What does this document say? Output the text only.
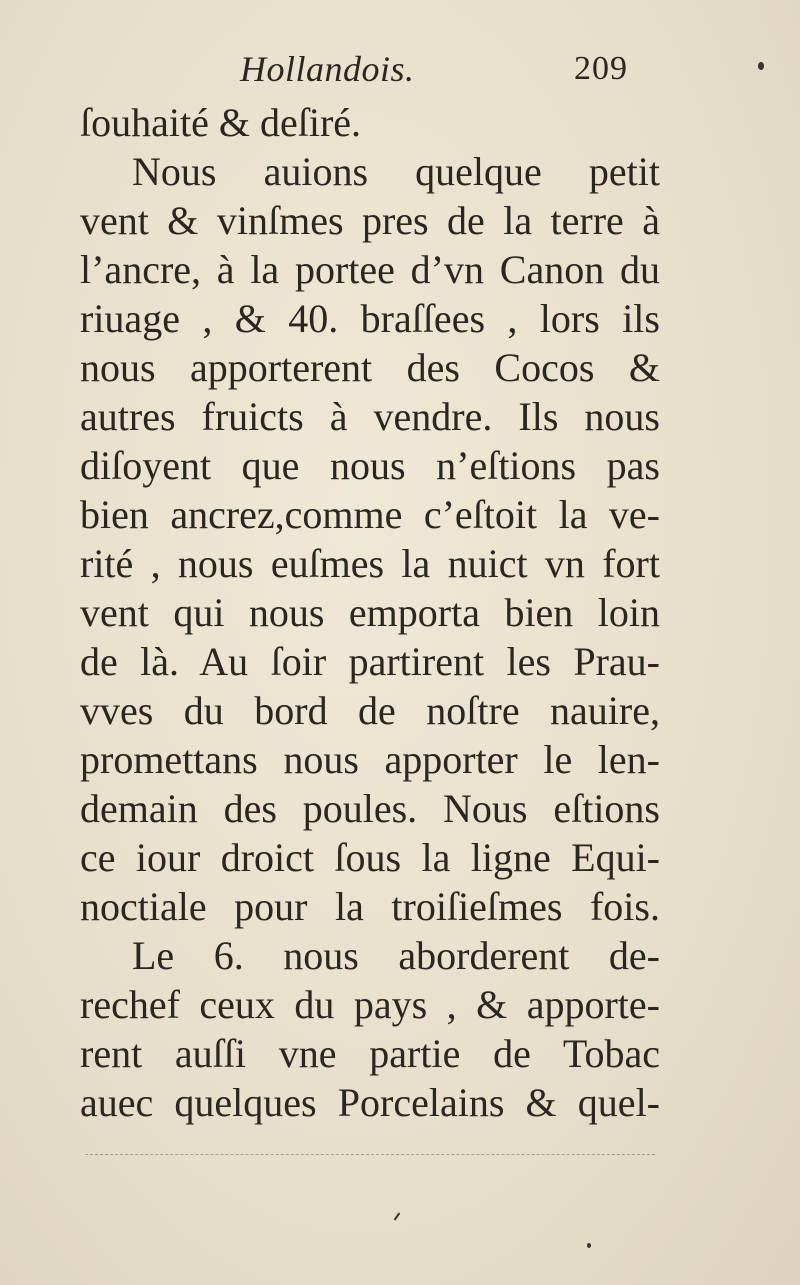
Hollandois.	209
ſouhaité & deſiré.
Nous auions quelque petit
vent & vinſmes pres de la terre à
l’ancre, à la portee d’vn Canon du
riuage , & 40. braſſees , lors ils
nous apporterent des Cocos &
autres fruicts à vendre. Ils nous
diſoyent que nous n’eſtions pas
bien ancrez,comme c’eſtoit la ve-
rité , nous euſmes la nuict vn fort
vent qui nous emporta bien loin
de là. Au ſoir partirent les Prau-
vves du bord de noſtre nauire,
promettans nous apporter le len-
demain des poules. Nous eſtions
ce iour droict ſous la ligne Equi-
noctiale pour la troiſieſmes fois.
Le 6. nous aborderent de-
rechef ceux du pays , & apporte-
rent auſſi vne partie de Tobac
auec quelques Porcelains & quel-
